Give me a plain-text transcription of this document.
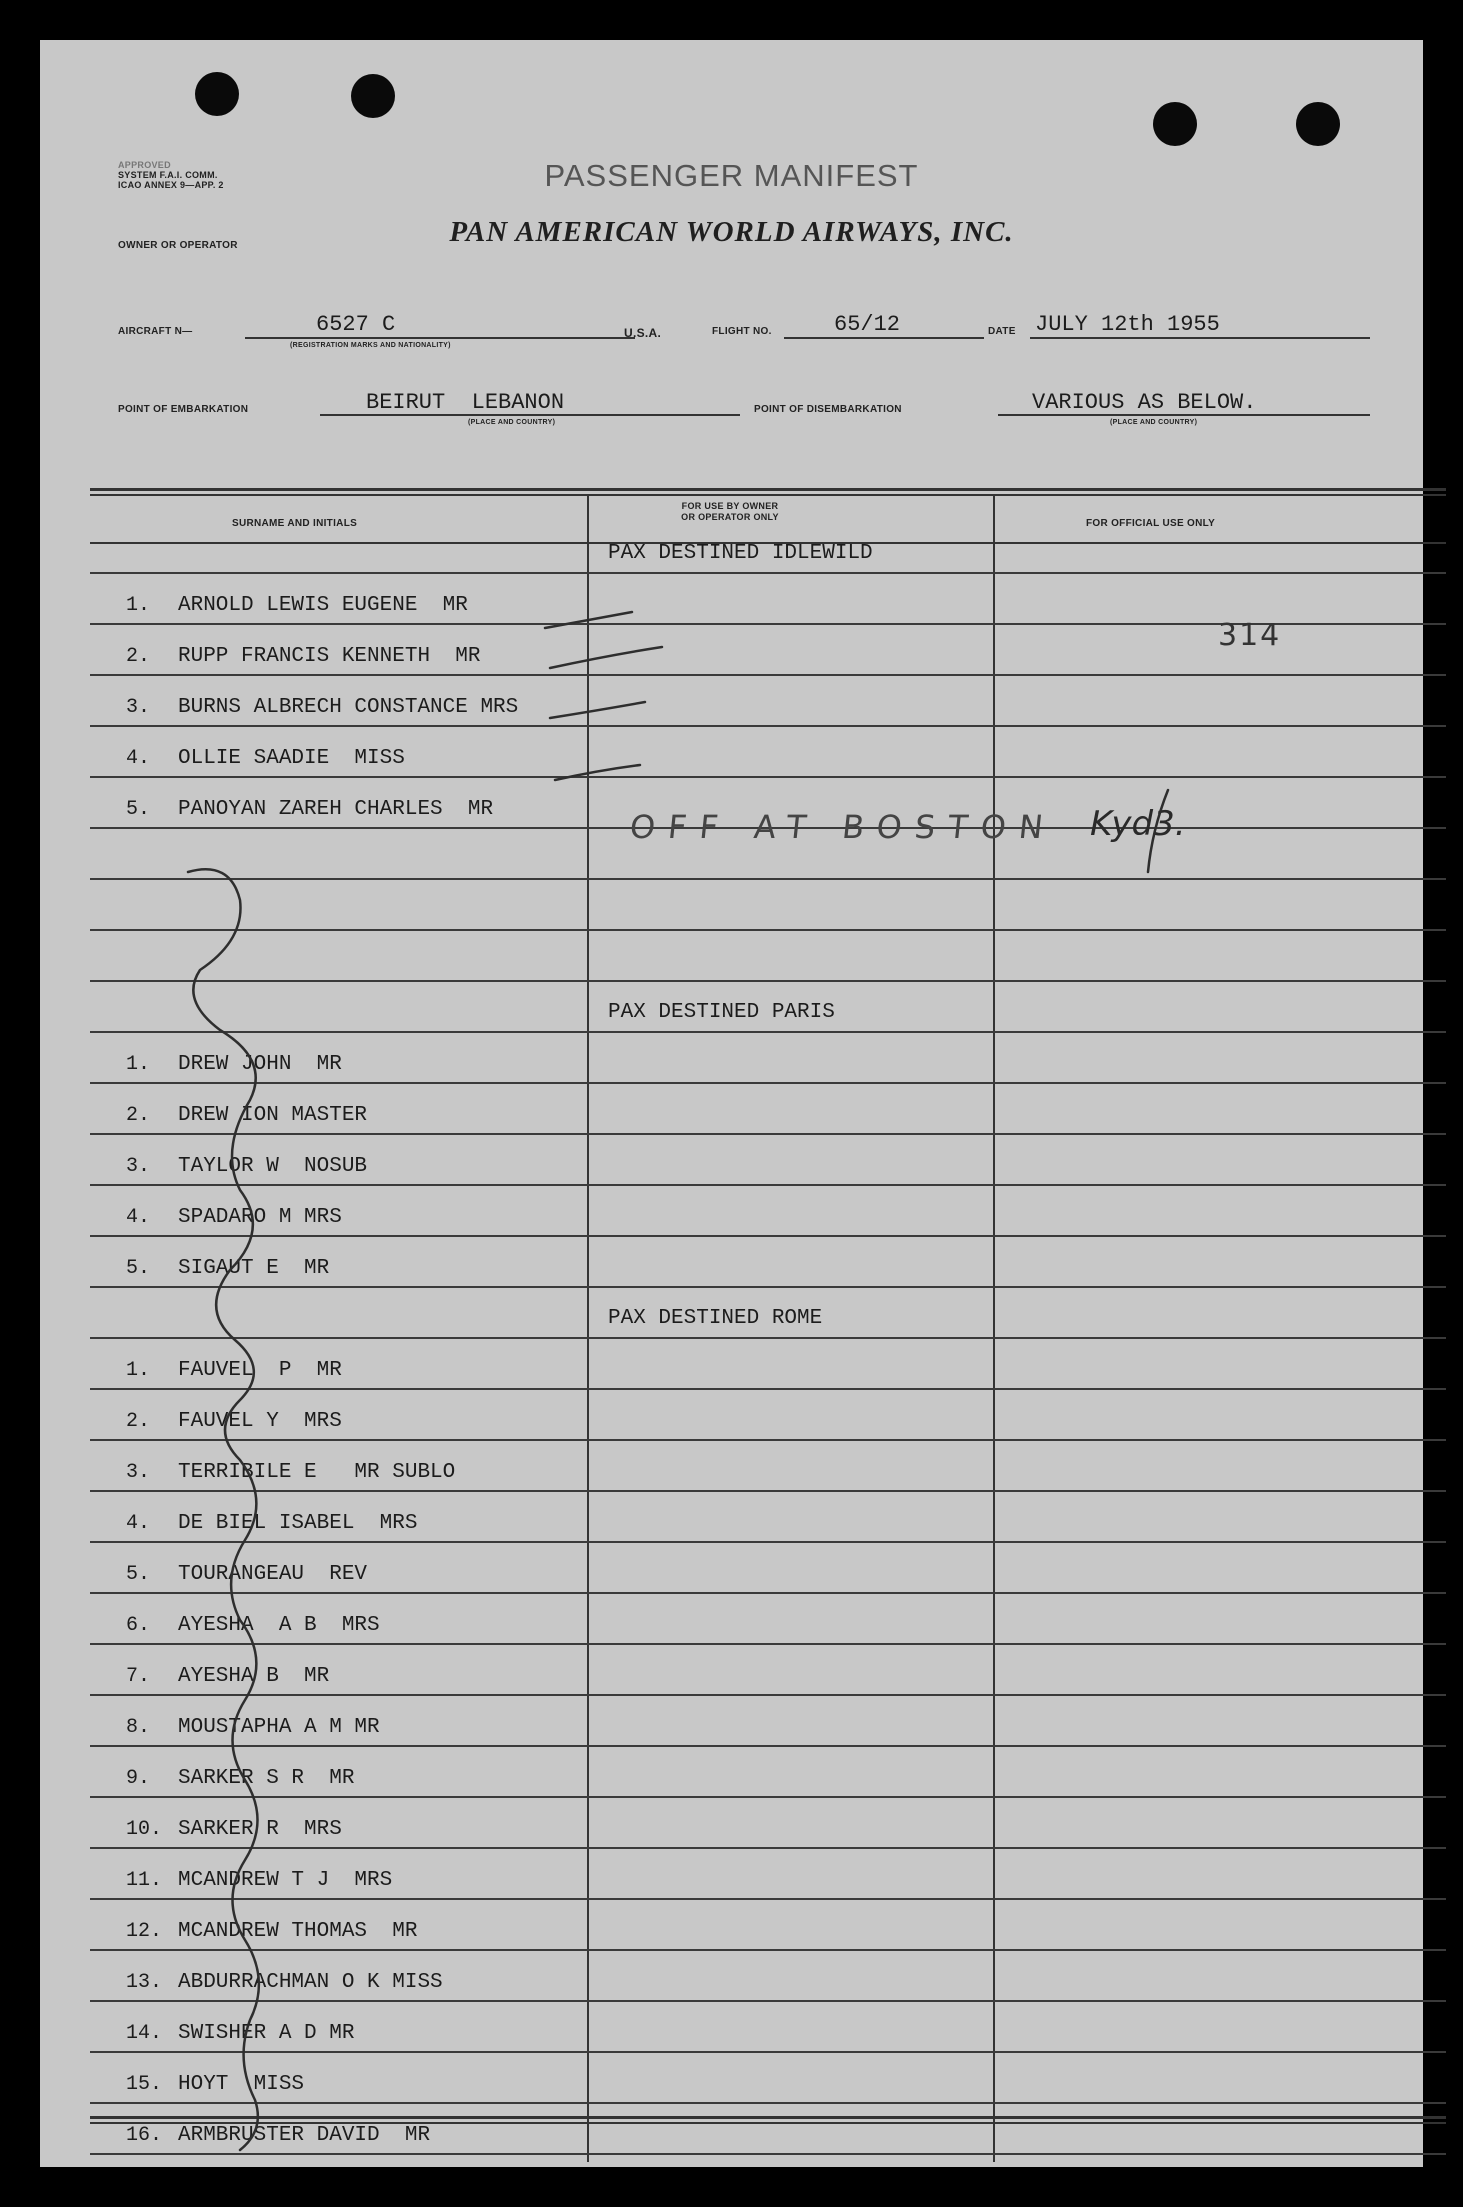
APPROVED
SYSTEM F.A.I. COMM.
ICAO ANNEX 9—APP. 2	PASSENGER MANIFEST
OWNER OR OPERATOR	PAN AMERICAN WORLD AIRWAYS, INC.
AIRCRAFT N—	6527 C
(REGISTRATION MARKS AND NATIONALITY)
U.S.A.	FLIGHT NO.	65/12	DATE JULY 12th 1955
POINT OF EMBARKATION	BEIRUT  LEBANON
(PLACE AND COUNTRY)
POINT OF DISEMBARKATION	VARIOUS AS BELOW.
(PLACE AND COUNTRY)
SURNAME AND INITIALS
FOR USE BY OWNER
OR OPERATOR ONLY
FOR OFFICIAL USE ONLY
PAX DESTINED IDLEWILD
1. ARNOLD LEWIS EUGENE  MR
2. RUPP FRANCIS KENNETH  MR
3. BURNS ALBRECH CONSTANCE MRS
4. OLLIE SAADIE  MISS
5. PANOYAN ZAREH CHARLES  MR
PAX DESTINED PARIS
1. DREW JOHN  MR
2. DREW ION MASTER
3. TAYLOR W  NOSUB
4. SPADARO M MRS
5. SIGAUT E  MR
PAX DESTINED ROME
1. FAUVEL  P  MR
2. FAUVEL Y  MRS
3. TERRIBILE E   MR SUBLO
4. DE BIEL ISABEL  MRS
5. TOURANGEAU  REV
6. AYESHA  A B  MRS
7. AYESHA B  MR
8. MOUSTAPHA A M MR
9. SARKER S R  MR
10. SARKER R  MRS
11. MCANDREW T J  MRS
12. MCANDREW THOMAS  MR
13. ABDURRACHMAN O K MISS
14. SWISHER A D MR
15. HOYT  MISS
16. ARMBRUSTER DAVID  MR
314
OFF AT BOSTON Kyd3.
